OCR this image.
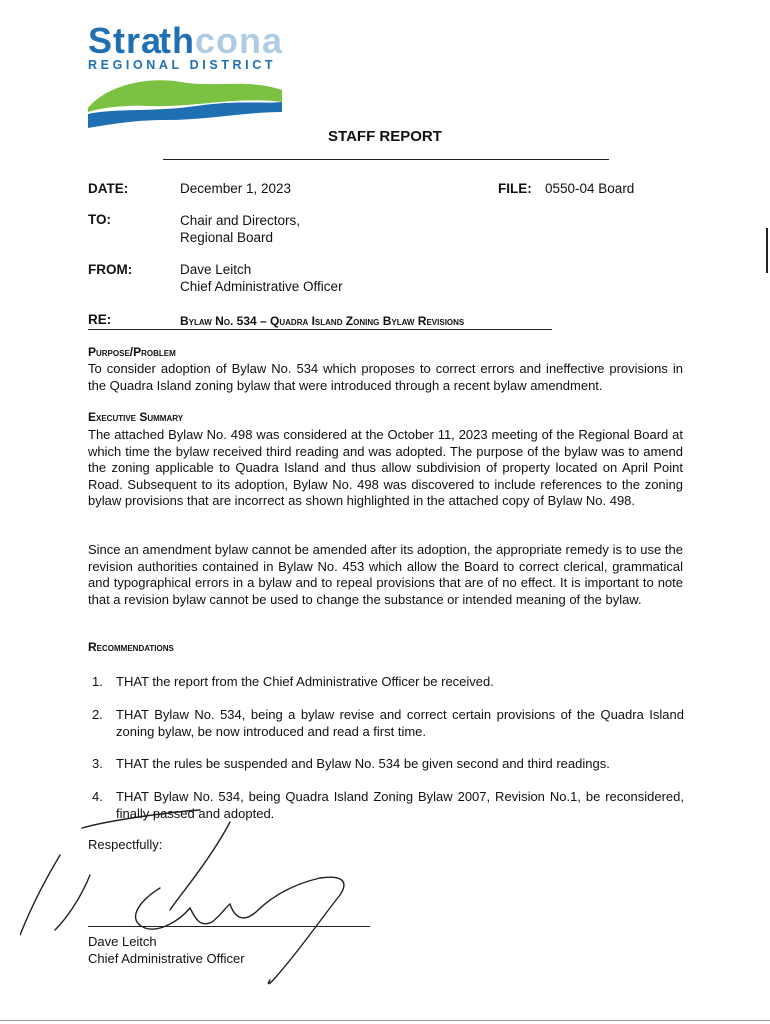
Strathcona
REGIONAL DISTRICT
STAFF REPORT
DATE:	December 1, 2023	FILE: 0550-04 Board
TO:	Chair and Directors,
Regional Board
FROM:	Dave Leitch
Chief Administrative Officer
RE:	Bylaw No. 534 – Quadra Island Zoning Bylaw Revisions
Purpose/Problem
To consider adoption of Bylaw No. 534 which proposes to correct errors and ineffective provisions in the Quadra Island zoning bylaw that were introduced through a recent bylaw amendment.
Executive Summary
The attached Bylaw No. 498 was considered at the October 11, 2023 meeting of the Regional Board at which time the bylaw received third reading and was adopted. The purpose of the bylaw was to amend the zoning applicable to Quadra Island and thus allow subdivision of property located on April Point Road. Subsequent to its adoption, Bylaw No. 498 was discovered to include references to the zoning bylaw provisions that are incorrect as shown highlighted in the attached copy of Bylaw No. 498.
Since an amendment bylaw cannot be amended after its adoption, the appropriate remedy is to use the revision authorities contained in Bylaw No. 453 which allow the Board to correct clerical, grammatical and typographical errors in a bylaw and to repeal provisions that are of no effect. It is important to note that a revision bylaw cannot be used to change the substance or intended meaning of the bylaw.
Recommendations
1.	THAT the report from the Chief Administrative Officer be received.
2.	THAT Bylaw No. 534, being a bylaw revise and correct certain provisions of the Quadra Island zoning bylaw, be now introduced and read a first time.
3.	THAT the rules be suspended and Bylaw No. 534 be given second and third readings.
4.	THAT Bylaw No. 534, being Quadra Island Zoning Bylaw 2007, Revision No.1, be reconsidered, finally passed and adopted.
Respectfully:
Dave Leitch
Chief Administrative Officer
